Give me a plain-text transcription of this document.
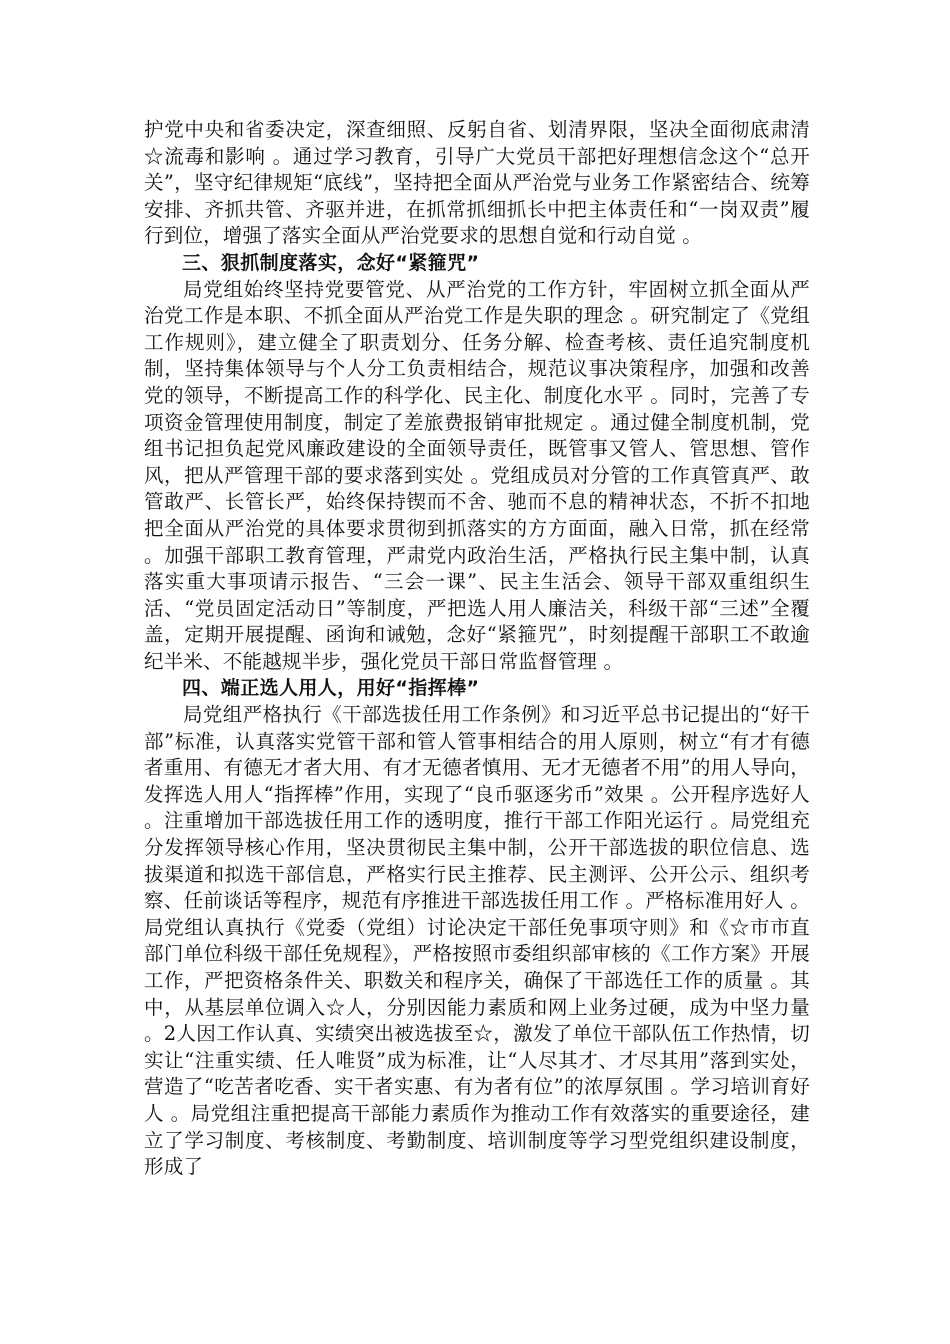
护党中央和省委决定，深查细照、反躬自省、划清界限，坚决全面彻底肃清☆流毒和影响 。通过学习教育，引导广大党员干部把好理想信念这个“总开关”，坚守纪律规矩“底线”，坚持把全面从严治党与业务工作紧密结合、统筹安排、齐抓共管、齐驱并进，在抓常抓细抓长中把主体责任和“一岗双责”履行到位，增强了落实全面从严治党要求的思想自觉和行动自觉 。

三、狠抓制度落实，念好“紧箍咒”

局党组始终坚持党要管党、从严治党的工作方针，牢固树立抓全面从严治党工作是本职、不抓全面从严治党工作是失职的理念 。研究制定了《党组工作规则》，建立健全了职责划分、任务分解、检查考核、责任追究制度机制，坚持集体领导与个人分工负责相结合，规范议事决策程序，加强和改善党的领导，不断提高工作的科学化、民主化、制度化水平 。同时，完善了专项资金管理使用制度，制定了差旅费报销审批规定 。通过健全制度机制，党组书记担负起党风廉政建设的全面领导责任，既管事又管人、管思想、管作风，把从严管理干部的要求落到实处 。党组成员对分管的工作真管真严、敢管敢严、长管长严，始终保持锲而不舍、驰而不息的精神状态，不折不扣地把全面从严治党的具体要求贯彻到抓落实的方方面面，融入日常，抓在经常 。加强干部职工教育管理，严肃党内政治生活，严格执行民主集中制，认真落实重大事项请示报告、“三会一课”、民主生活会、领导干部双重组织生活、“党员固定活动日”等制度，严把选人用人廉洁关，科级干部“三述”全覆盖，定期开展提醒、函询和诫勉，念好“紧箍咒”，时刻提醒干部职工不敢逾纪半米、不能越规半步，强化党员干部日常监督管理 。

四、端正选人用人，用好“指挥棒”

局党组严格执行《干部选拔任用工作条例》和习近平总书记提出的“好干部”标准，认真落实党管干部和管人管事相结合的用人原则，树立“有才有德者重用、有德无才者大用、有才无德者慎用、无才无德者不用”的用人导向，发挥选人用人“指挥棒”作用，实现了“良币驱逐劣币”效果 。公开程序选好人 。注重增加干部选拔任用工作的透明度，推行干部工作阳光运行 。局党组充分发挥领导核心作用，坚决贯彻民主集中制，公开干部选拔的职位信息、选拔渠道和拟选干部信息，严格实行民主推荐、民主测评、公开公示、组织考察、任前谈话等程序，规范有序推进干部选拔任用工作 。严格标准用好人 。局党组认真执行《党委（党组）讨论决定干部任免事项守则》和《☆市市直部门单位科级干部任免规程》，严格按照市委组织部审核的《工作方案》开展工作，严把资格条件关、职数关和程序关，确保了干部选任工作的质量 。其中，从基层单位调入☆人，分别因能力素质和网上业务过硬，成为中坚力量 。2人因工作认真、实绩突出被选拔至☆，激发了单位干部队伍工作热情，切实让“注重实绩、任人唯贤”成为标准，让“人尽其才、才尽其用”落到实处，营造了“吃苦者吃香、实干者实惠、有为者有位”的浓厚氛围 。学习培训育好人 。局党组注重把提高干部能力素质作为推动工作有效落实的重要途径，建立了学习制度、考核制度、考勤制度、培训制度等学习型党组织建设制度，形成了
